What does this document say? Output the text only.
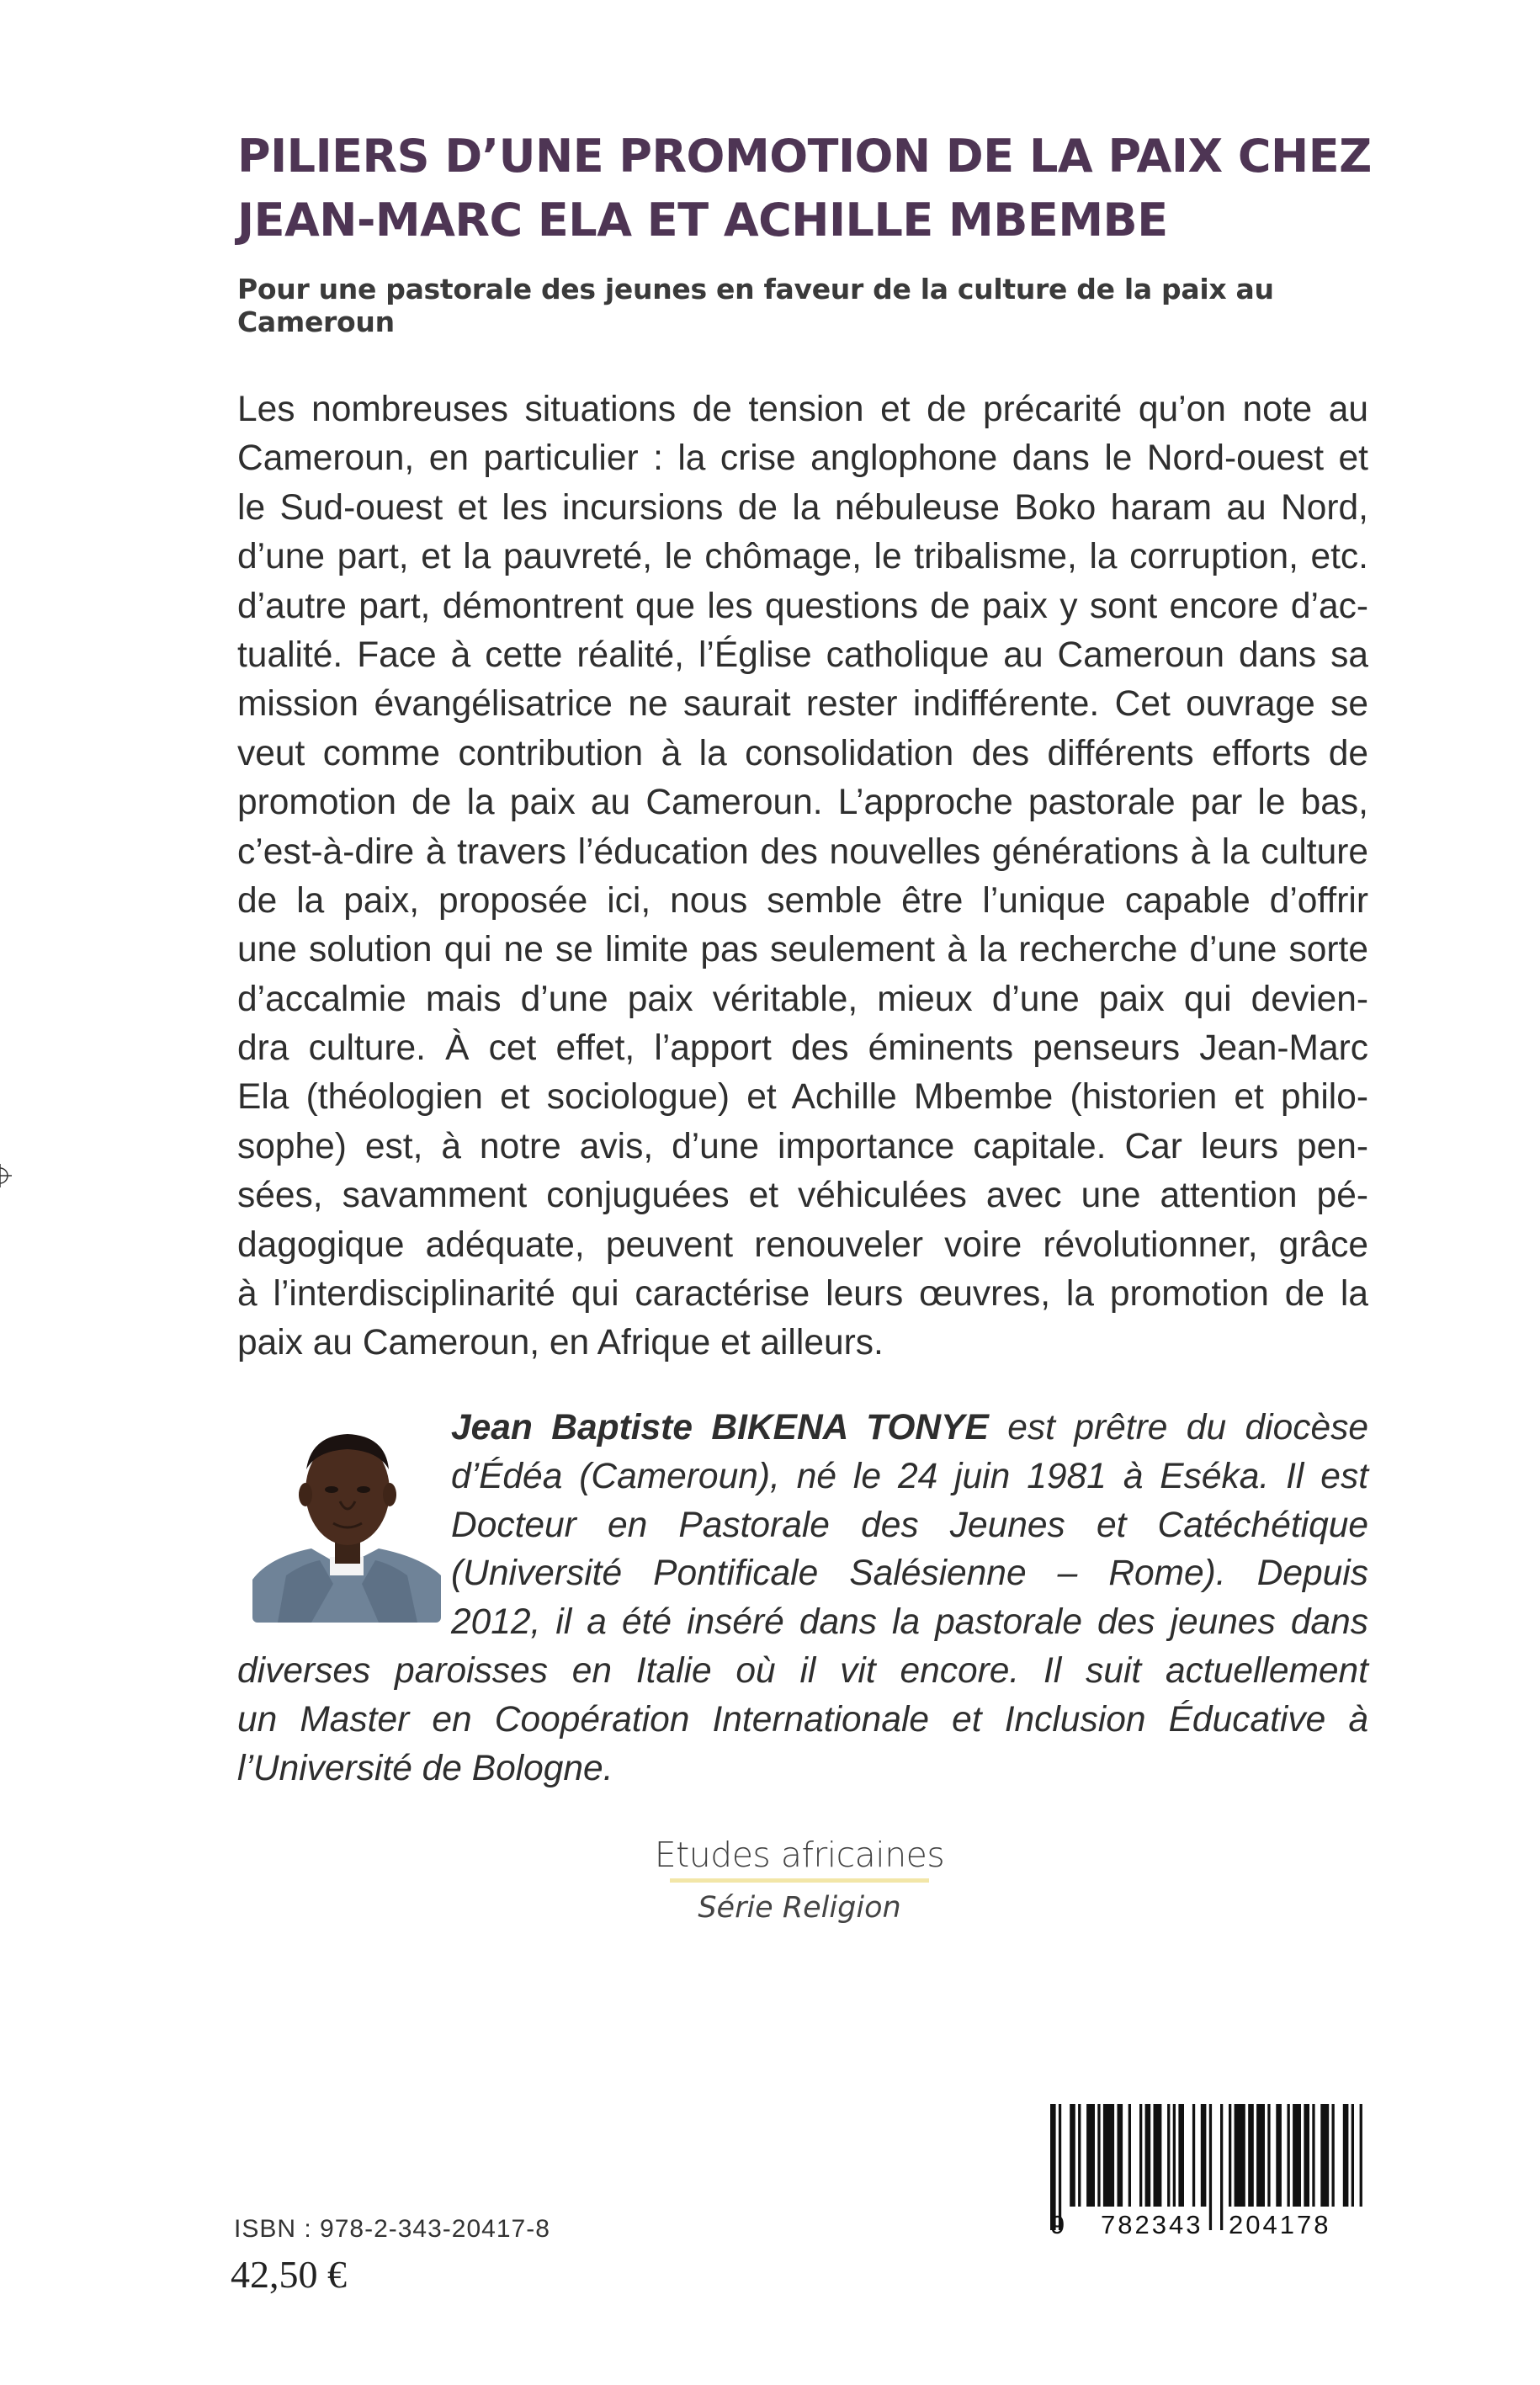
PILIERS D’UNE PROMOTION DE LA PAIX CHEZ
JEAN-MARC ELA ET ACHILLE MBEMBE
Pour une pastorale des jeunes en faveur de la culture de la paix au Cameroun
Les nombreuses situations de tension et de précarité qu’on note au
Cameroun, en particulier : la crise anglophone dans le Nord-ouest et
le Sud-ouest et les incursions de la nébuleuse Boko haram au Nord,
d’une part, et la pauvreté, le chômage, le tribalisme, la corruption, etc.
d’autre part, démontrent que les questions de paix y sont encore d’ac-
tualité. Face à cette réalité, l’Église catholique au Cameroun dans sa
mission évangélisatrice ne saurait rester indifférente. Cet ouvrage se
veut comme contribution à la consolidation des différents efforts de
promotion de la paix au Cameroun. L’approche pastorale par le bas,
c’est-à-dire à travers l’éducation des nouvelles générations à la culture
de la paix, proposée ici, nous semble être l’unique capable d’offrir
une solution qui ne se limite pas seulement à la recherche d’une sorte
d’accalmie mais d’une paix véritable, mieux d’une paix qui devien-
dra culture. À cet effet, l’apport des éminents penseurs Jean-Marc
Ela (théologien et sociologue) et Achille Mbembe (historien et philo-
sophe) est, à notre avis, d’une importance capitale. Car leurs pen-
sées, savamment conjuguées et véhiculées avec une attention pé-
dagogique adéquate, peuvent renouveler voire révolutionner, grâce
à l’interdisciplinarité qui caractérise leurs œuvres, la promotion de la
paix au Cameroun, en Afrique et ailleurs.
Jean Baptiste BIKENA TONYE est prêtre du diocèse
d’Édéa (Cameroun), né le 24 juin 1981 à Eséka. Il est
Docteur en Pastorale des Jeunes et Catéchétique
(Université Pontificale Salésienne – Rome). Depuis
2012, il a été inséré dans la pastorale des jeunes dans
diverses paroisses en Italie où il vit encore. Il suit actuellement
un Master en Coopération Internationale et Inclusion Éducative à
l’Université de Bologne.
Etudes africaines
Série Religion
ISBN : 978-2-343-20417-8
42,50 €
9 782343 204178
